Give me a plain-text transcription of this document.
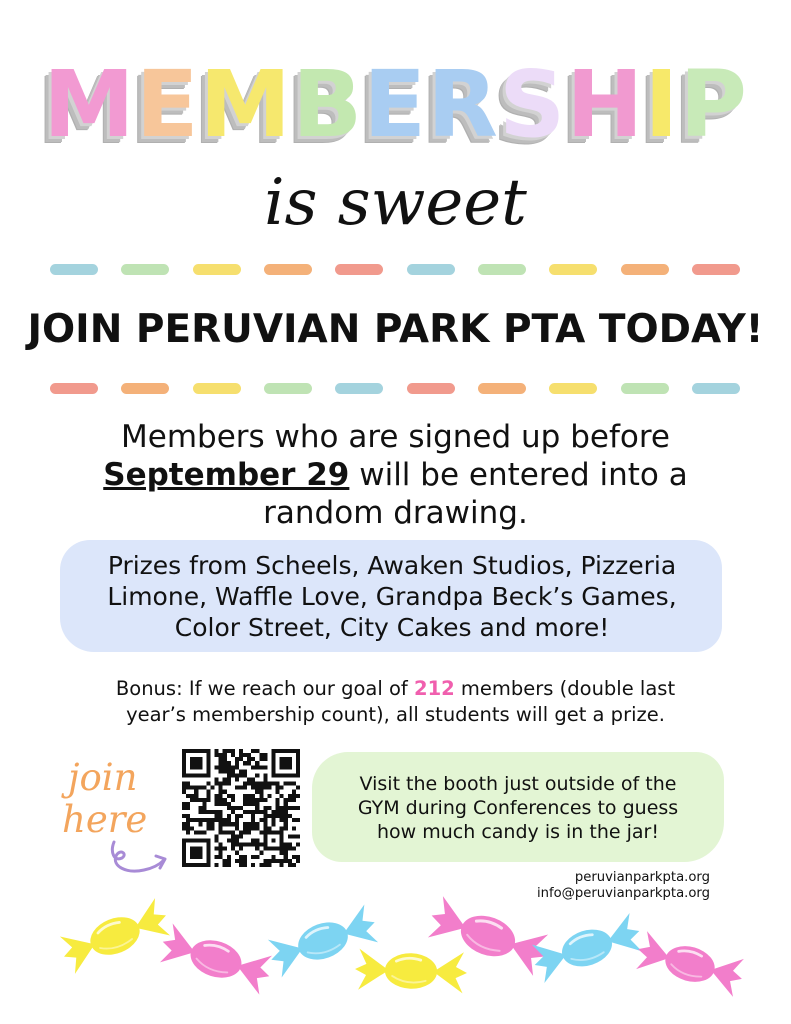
MEMBERSHIP
is sweet
JOIN PERUVIAN PARK PTA TODAY!
Members who are signed up before
September 29 will be entered into a
random drawing.
Prizes from Scheels, Awaken Studios, Pizzeria
Limone, Waffle Love, Grandpa Beck’s Games,
Color Street, City Cakes and more!
Bonus: If we reach our goal of 212 members (double last
year’s membership count), all students will get a prize.
join
here
Visit the booth just outside of the
GYM during Conferences to guess
how much candy is in the jar!
peruvianparkpta.org
info@peruvianparkpta.org
